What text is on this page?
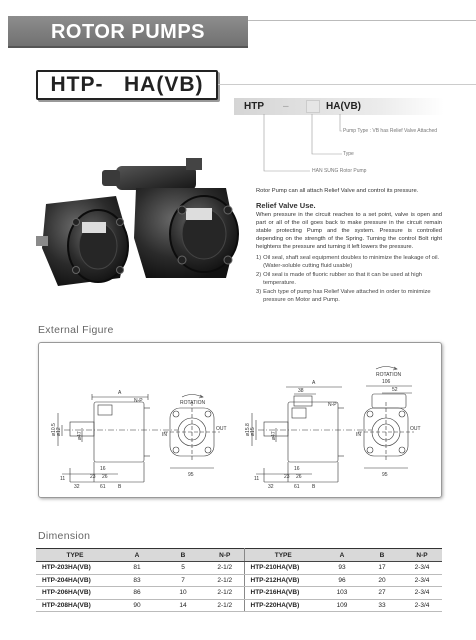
ROTOR PUMPS
HTP-   HA(VB)
HTP –	HA(VB)
Pump Type : VB has Relief Valve Attached
Type
HAN SUNG Rotor Pump

Rotor Pump can all attach Relief Valve and control its pressure.

Relief Valve Use.

When pressure in the circuit reaches to a set point, valve is open and part or all of the oil goes back to make pressure in the circuit remain stable protecting Pump and the system. Pressure is controlled depending on the strength of the Spring. Turning the control Bolt right heightens the pressure and turning it left lowers the pressure.

1) Oil seal, shaft seal equipment doubles to minimize the leakage of oil. (Water-soluble cutting fluid usable)
2) Oil seal is made of fluoric rubber so that it can be used at high temperature.
3) Each type of pump has Relief Valve attached in order to minimize pressure on Motor and Pump.
External Figure
A
N-P
11
32	61
16
23 26
B
ø10.5 ø12	ø47
ROTATION
IN
OUT
95
A
38
N-P
11
32	61
16
23 26
B
ø15.8 ø15	ø47
ROTATION
106
52
IN
OUT
95
Dimension
TYPE	A	B	N-P	TYPE	A	B	N-P
HTP-203HA(VB)	81	5	2-1/2	HTP-210HA(VB)	93	17	2-3/4
HTP-204HA(VB)	83	7	2-1/2	HTP-212HA(VB)	96	20	2-3/4
HTP-206HA(VB)	86	10	2-1/2	HTP-216HA(VB)	103	27	2-3/4
HTP-208HA(VB)	90	14	2-1/2	HTP-220HA(VB)	109	33	2-3/4
